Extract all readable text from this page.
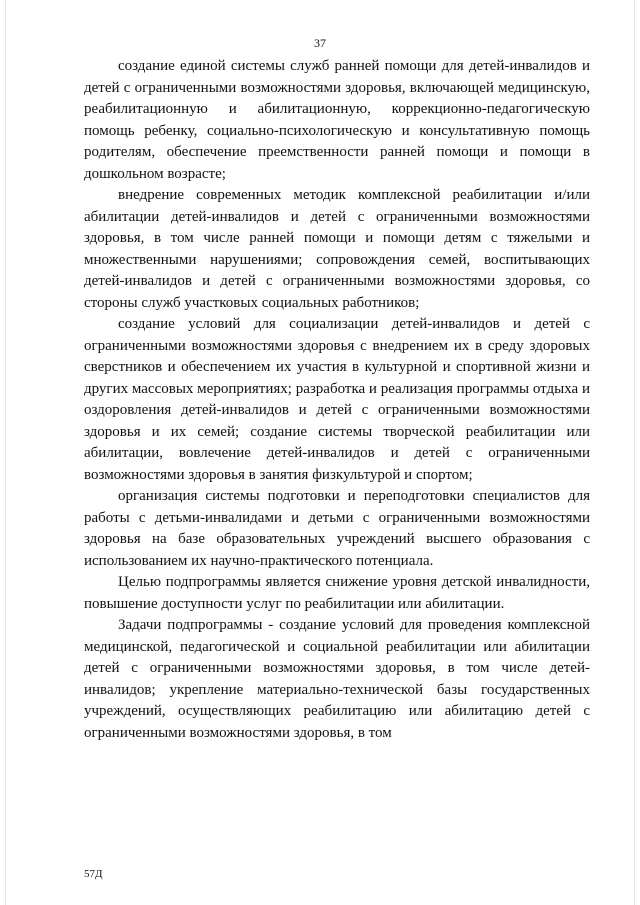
37

создание единой системы служб ранней помощи для детей-инвалидов и детей с ограниченными возможностями здоровья, включающей медицинскую, реабилитационную и абилитационную, коррекционно-педагогическую помощь ребенку, социально-психологическую и консультативную помощь родителям, обеспечение преемственности ранней помощи и помощи в дошкольном возрасте;

внедрение современных методик комплексной реабилитации и/или абилитации детей-инвалидов и детей с ограниченными возможностями здоровья, в том числе ранней помощи и помощи детям с тяжелыми и множественными нарушениями; сопровождения семей, воспитывающих детей-инвалидов и детей с ограниченными возможностями здоровья, со стороны служб участковых социальных работников;

создание условий для социализации детей-инвалидов и детей с ограниченными возможностями здоровья с внедрением их в среду здоровых сверстников и обеспечением их участия в культурной и спортивной жизни и других массовых мероприятиях; разработка и реализация программы отдыха и оздоровления детей-инвалидов и детей с ограниченными возможностями здоровья и их семей; создание системы творческой реабилитации или абилитации, вовлечение детей-инвалидов и детей с ограниченными возможностями здоровья в занятия физкультурой и спортом;

организация системы подготовки и переподготовки специалистов для работы с детьми-инвалидами и детьми с ограниченными возможностями здоровья на базе образовательных учреждений высшего образования с использованием их научно-практического потенциала.

Целью подпрограммы является снижение уровня детской инвалидности, повышение доступности услуг по реабилитации или абилитации.

Задачи подпрограммы - создание условий для проведения комплексной медицинской, педагогической и социальной реабилитации или абилитации детей с ограниченными возможностями здоровья, в том числе детей-инвалидов; укрепление материально-технической базы государственных учреждений, осуществляющих реабилитацию или абилитацию детей с ограниченными возможностями здоровья, в том

57Д
